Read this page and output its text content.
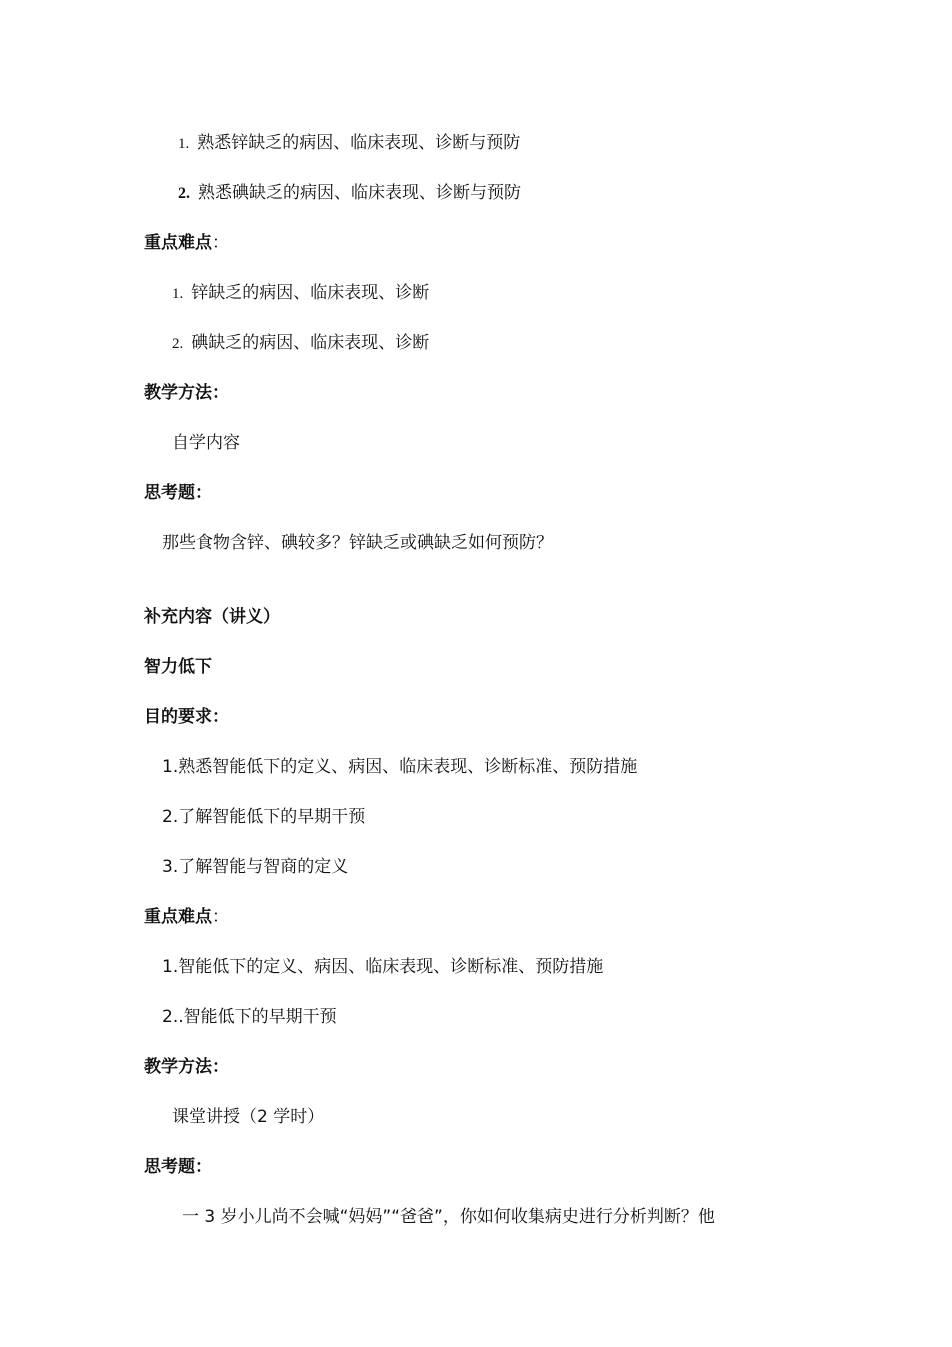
1. 熟悉锌缺乏的病因、临床表现、诊断与预防
2. 熟悉碘缺乏的病因、临床表现、诊断与预防
重点难点：
1. 锌缺乏的病因、临床表现、诊断
2. 碘缺乏的病因、临床表现、诊断
教学方法：
自学内容
思考题：
那些食物含锌、碘较多？锌缺乏或碘缺乏如何预防？
补充内容（讲义）
智力低下
目的要求：
1.熟悉智能低下的定义、病因、临床表现、诊断标准、预防措施
2.了解智能低下的早期干预
3.了解智能与智商的定义
重点难点：
1.智能低下的定义、病因、临床表现、诊断标准、预防措施
2..智能低下的早期干预
教学方法：
课堂讲授（2 学时）
思考题：
一 3 岁小儿尚不会喊“妈妈”“爸爸”，你如何收集病史进行分析判断？他
